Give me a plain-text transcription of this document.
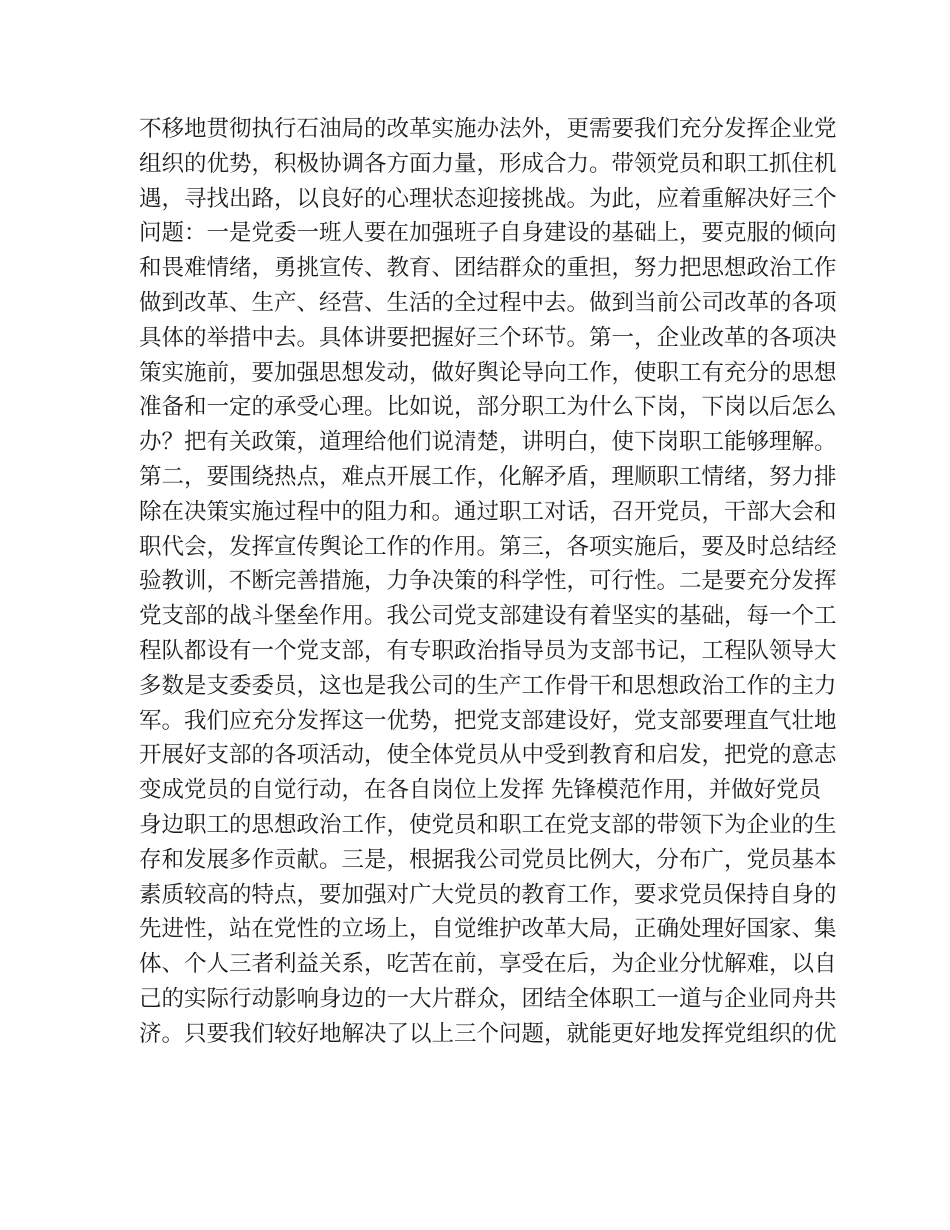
不移地贯彻执行石油局的改革实施办法外，更需要我们充分发挥企业党
组织的优势，积极协调各方面力量，形成合力。带领党员和职工抓住机
遇，寻找出路，以良好的心理状态迎接挑战。为此，应着重解决好三个
问题：一是党委一班人要在加强班子自身建设的基础上，要克服的倾向
和畏难情绪，勇挑宣传、教育、团结群众的重担，努力把思想政治工作
做到改革、生产、经营、生活的全过程中去。做到当前公司改革的各项
具体的举措中去。具体讲要把握好三个环节。第一，企业改革的各项决
策实施前，要加强思想发动，做好舆论导向工作，使职工有充分的思想
准备和一定的承受心理。比如说，部分职工为什么下岗，下岗以后怎么
办？把有关政策，道理给他们说清楚，讲明白，使下岗职工能够理解。
第二，要围绕热点，难点开展工作，化解矛盾，理顺职工情绪，努力排
除在决策实施过程中的阻力和。通过职工对话，召开党员，干部大会和
职代会，发挥宣传舆论工作的作用。第三，各项实施后，要及时总结经
验教训，不断完善措施，力争决策的科学性，可行性。二是要充分发挥
党支部的战斗堡垒作用。我公司党支部建设有着坚实的基础，每一个工
程队都设有一个党支部，有专职政治指导员为支部书记，工程队领导大
多数是支委委员，这也是我公司的生产工作骨干和思想政治工作的主力
军。我们应充分发挥这一优势，把党支部建设好，党支部要理直气壮地
开展好支部的各项活动，使全体党员从中受到教育和启发，把党的意志
变成党员的自觉行动，在各自岗位上发挥 先锋模范作用，并做好党员
身边职工的思想政治工作，使党员和职工在党支部的带领下为企业的生
存和发展多作贡献。三是，根据我公司党员比例大，分布广，党员基本
素质较高的特点，要加强对广大党员的教育工作，要求党员保持自身的
先进性，站在党性的立场上，自觉维护改革大局，正确处理好国家、集
体、个人三者利益关系，吃苦在前，享受在后，为企业分忧解难，以自
己的实际行动影响身边的一大片群众，团结全体职工一道与企业同舟共
济。只要我们较好地解决了以上三个问题，就能更好地发挥党组织的优
